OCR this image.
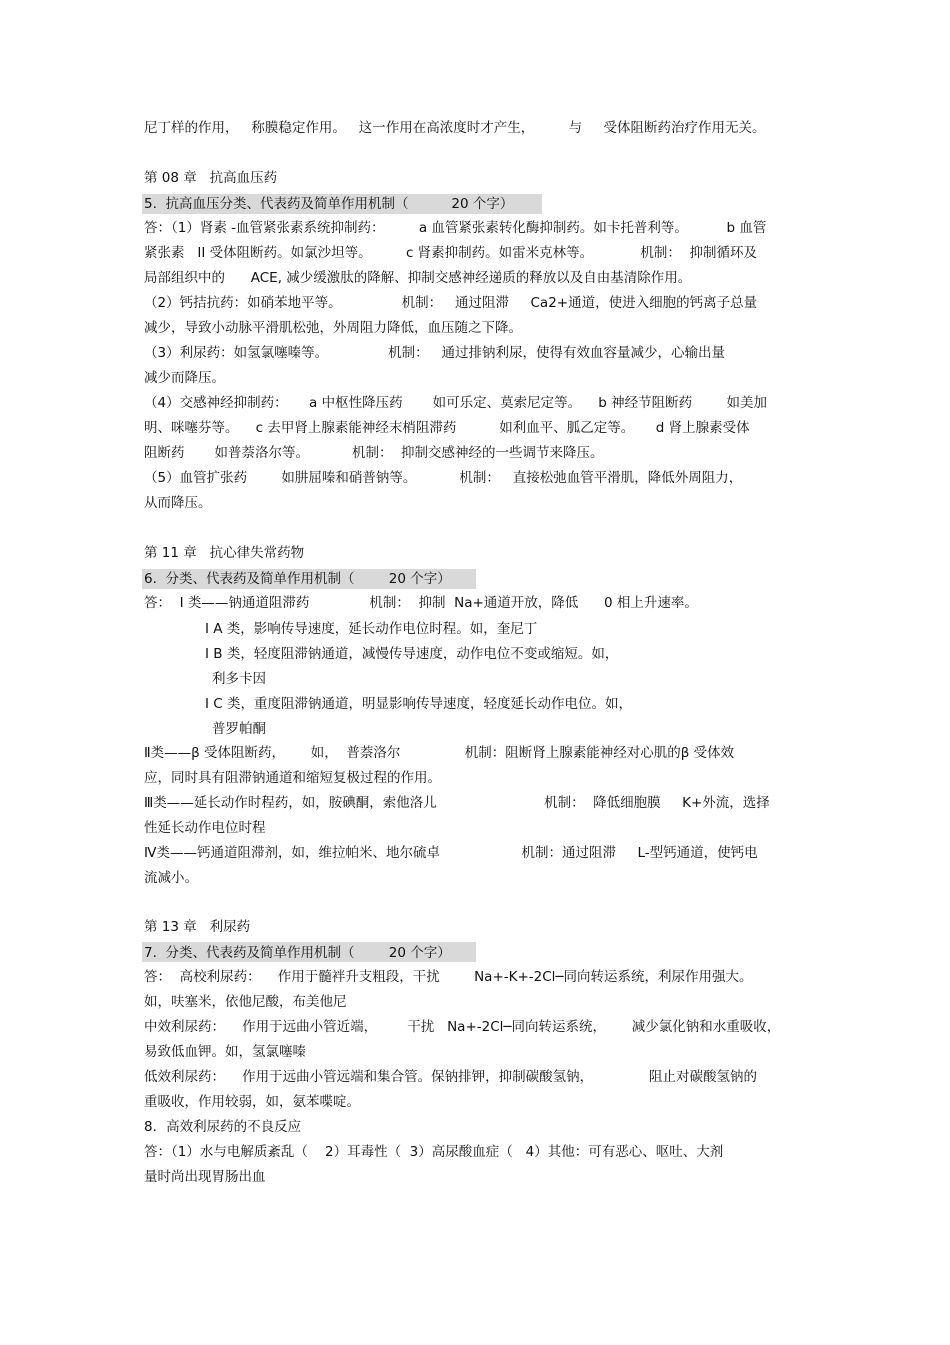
尼丁样的作用，   称膜稳定作用。   这一作用在高浓度时才产生，        与     受体阻断药治疗作用无关。
第 08 章   抗高血压药
5.  抗高血压分类、代表药及简单作用机制（          20 个字）
答：（1）肾素 -血管紧张素系统抑制药：        a 血管紧张素转化酶抑制药。如卡托普利等。         b 血管
紧张素   II 受体阻断药。如氯沙坦等。        c 肾素抑制药。如雷米克林等。           机制：  抑制循环及
局部组织中的      ACE, 减少缓激肽的降解、抑制交感神经递质的释放以及自由基清除作用。
（2）钙拮抗药：如硝苯地平等。              机制：   通过阻滞     Ca2+通道，使进入细胞的钙离子总量
减少，导致小动脉平滑肌松弛，外周阻力降低，血压随之下降。
（3）利尿药：如氢氯噻嗪等。              机制：   通过排钠利尿，使得有效血容量减少，心输出量
减少而降压。
（4）交感神经抑制药：     a 中枢性降压药       如可乐定、莫索尼定等。    b 神经节阻断药        如美加
明、咪噻芬等。    c 去甲肾上腺素能神经末梢阻滞药          如利血平、胍乙定等。     d 肾上腺素受体
阻断药       如普萘洛尔等。          机制：  抑制交感神经的一些调节来降压。
（5）血管扩张药        如肼屈嗪和硝普钠等。          机制：   直接松弛血管平滑肌，降低外周阻力，
从而降压。
第 11 章   抗心律失常药物
6.  分类、代表药及简单作用机制（        20 个字）
答：  I 类——钠通道阻滞药              机制：  抑制  Na+通道开放，降低      0 相上升速率。
I A 类，影响传导速度，延长动作电位时程。如，奎尼丁
I B 类，轻度阻滞钠通道，减慢传导速度，动作电位不变或缩短。如，
利多卡因
I C 类，重度阻滞钠通道，明显影响传导速度，轻度延长动作电位。如，
普罗帕酮
Ⅱ类——β 受体阻断药，      如，  普萘洛尔               机制：阻断肾上腺素能神经对心肌的β 受体效
应，同时具有阻滞钠通道和缩短复极过程的作用。
Ⅲ类——延长动作时程药，如，胺碘酮，索他洛儿                         机制：  降低细胞膜     K+外流，选择
性延长动作电位时程
Ⅳ类——钙通道阻滞剂，如，维拉帕米、地尔硫卓                   机制：通过阻滞     L-型钙通道，使钙电
流减小。
第 13 章   利尿药
7.  分类、代表药及简单作用机制（        20 个字）
答：  高校利尿药：    作用于髓袢升支粗段，干扰        Na+-K+-2Cl─同向转运系统，利尿作用强大。
如，呋塞米，依他尼酸，布美他尼
中效利尿药：    作用于远曲小管近端，       干扰   Na+-2Cl─同向转运系统，      减少氯化钠和水重吸收，
易致低血钾。如，氢氯噻嗪
低效利尿药：    作用于远曲小管远端和集合管。保钠排钾，抑制碳酸氢钠，             阻止对碳酸氢钠的
重吸收，作用较弱，如，氨苯喋啶。
8．高效利尿药的不良反应
答：（1）水与电解质紊乱（    2）耳毒性（  3）高尿酸血症（   4）其他：可有恶心、呕吐、大剂
量时尚出现胃肠出血
